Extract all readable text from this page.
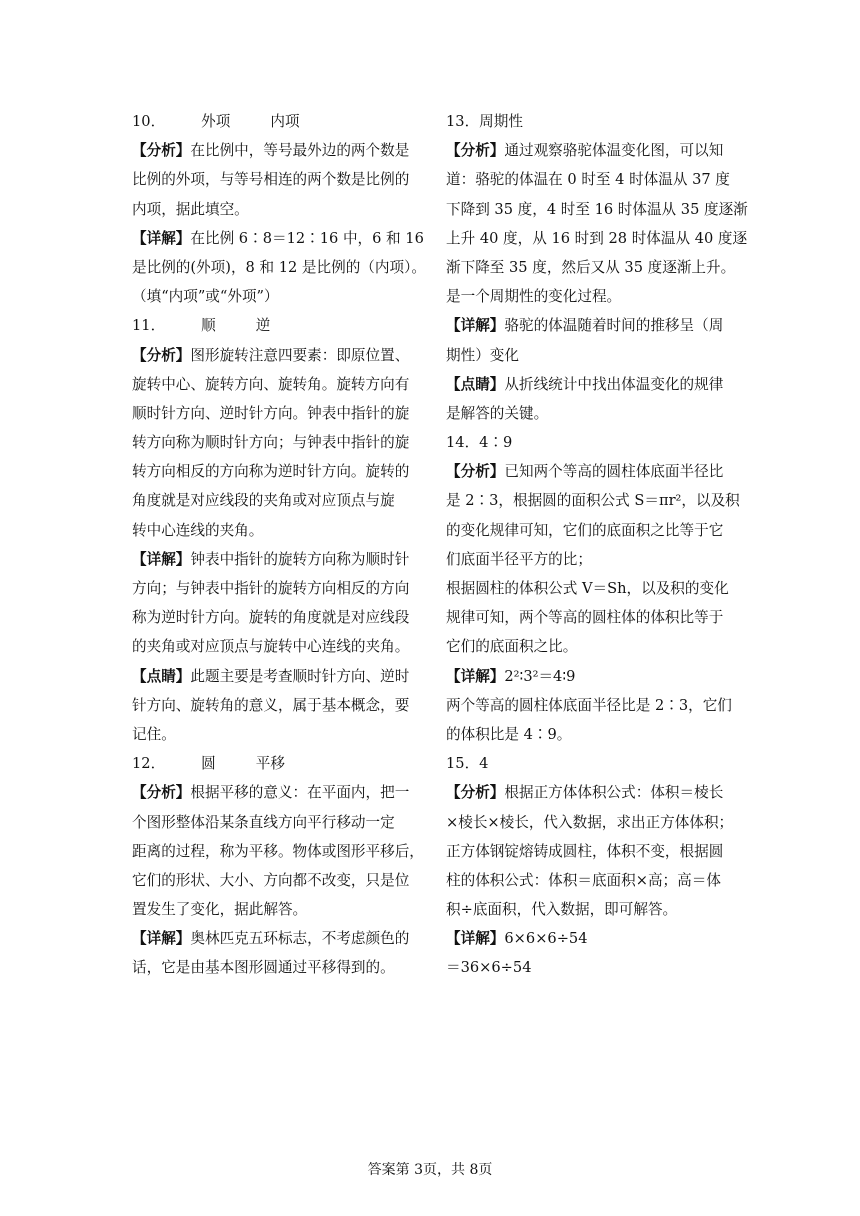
10． 外项	内项
【分析】在比例中，等号最外边的两个数是
比例的外项，与等号相连的两个数是比例的
内项，据此填空。
【详解】在比例 6∶8＝12∶16 中，6 和 16
是比例的(外项)，8 和 12 是比例的（内项）。
（填“内项”或“外项”）
11． 顺	逆
【分析】图形旋转注意四要素：即原位置、
旋转中心、旋转方向、旋转角。旋转方向有
顺时针方向、逆时针方向。钟表中指针的旋
转方向称为顺时针方向；与钟表中指针的旋
转方向相反的方向称为逆时针方向。旋转的
角度就是对应线段的夹角或对应顶点与旋
转中心连线的夹角。
【详解】钟表中指针的旋转方向称为顺时针
方向；与钟表中指针的旋转方向相反的方向
称为逆时针方向。旋转的角度就是对应线段
的夹角或对应顶点与旋转中心连线的夹角。
【点睛】此题主要是考查顺时针方向、逆时
针方向、旋转角的意义，属于基本概念，要
记住。
12． 圆	平移
【分析】根据平移的意义：在平面内，把一
个图形整体沿某条直线方向平行移动一定
距离的过程，称为平移。物体或图形平移后，
它们的形状、大小、方向都不改变，只是位
置发生了变化，据此解答。
【详解】奥林匹克五环标志，不考虑颜色的
话，它是由基本图形圆通过平移得到的。
13．周期性
【分析】通过观察骆驼体温变化图，可以知
道：骆驼的体温在 0 时至 4 时体温从 37 度
下降到 35 度，4 时至 16 时体温从 35 度逐渐
上升 40 度，从 16 时到 28 时体温从 40 度逐
渐下降至 35 度，然后又从 35 度逐渐上升。
是一个周期性的变化过程。
【详解】骆驼的体温随着时间的推移呈（周
期性）变化
【点睛】从折线统计中找出体温变化的规律
是解答的关键。
14．4∶9
【分析】已知两个等高的圆柱体底面半径比
是 2∶3，根据圆的面积公式 S＝πr²，以及积
的变化规律可知，它们的底面积之比等于它
们底面半径平方的比；
根据圆柱的体积公式 V＝Sh，以及积的变化
规律可知，两个等高的圆柱体的体积比等于
它们的底面积之比。
【详解】2²∶3²＝4∶9
两个等高的圆柱体底面半径比是 2∶3，它们
的体积比是 4∶9。
15．4
【分析】根据正方体体积公式：体积＝棱长
×棱长×棱长，代入数据，求出正方体体积；
正方体钢锭熔铸成圆柱，体积不变，根据圆
柱的体积公式：体积＝底面积×高；高＝体
积÷底面积，代入数据，即可解答。
【详解】6×6×6÷54
＝36×6÷54
答案第 3页，共 8页
